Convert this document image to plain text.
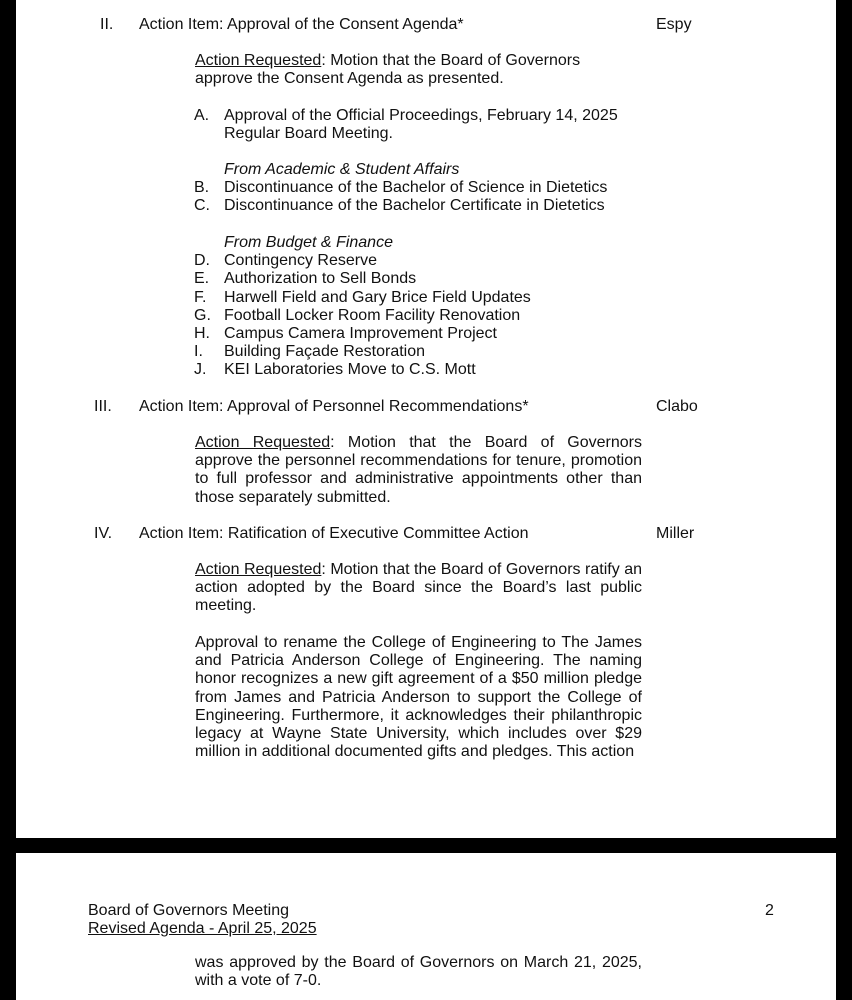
II. Action Item: Approval of the Consent Agenda*	Espy
Action Requested: Motion that the Board of Governors approve the Consent Agenda as presented.
A. Approval of the Official Proceedings, February 14, 2025
Regular Board Meeting.
From Academic & Student Affairs
B. Discontinuance of the Bachelor of Science in Dietetics
C. Discontinuance of the Bachelor Certificate in Dietetics
From Budget & Finance
D. Contingency Reserve
E. Authorization to Sell Bonds
F.	Harwell Field and Gary Brice Field Updates
G. Football Locker Room Facility Renovation
H. Campus Camera Improvement Project
I.	Building Façade Restoration
J.	KEI Laboratories Move to C.S. Mott
III. Action Item: Approval of Personnel Recommendations*	Clabo
Action Requested: Motion that the Board of Governors approve the personnel recommendations for tenure, promotion to full professor and administrative appointments other than those separately submitted.
IV. Action Item: Ratification of Executive Committee Action	Miller
Action Requested: Motion that the Board of Governors ratify an action adopted by the Board since the Board’s last public meeting.
Approval to rename the College of Engineering to The James and Patricia Anderson College of Engineering. The naming honor recognizes a new gift agreement of a $50 million pledge from James and Patricia Anderson to support the College of Engineering. Furthermore, it acknowledges their philanthropic legacy at Wayne State University, which includes over $29 million in additional documented gifts and pledges. This action
Board of Governors Meeting
Revised Agenda - April 25, 2025
2
was approved by the Board of Governors on March 21, 2025, with a vote of 7-0.
